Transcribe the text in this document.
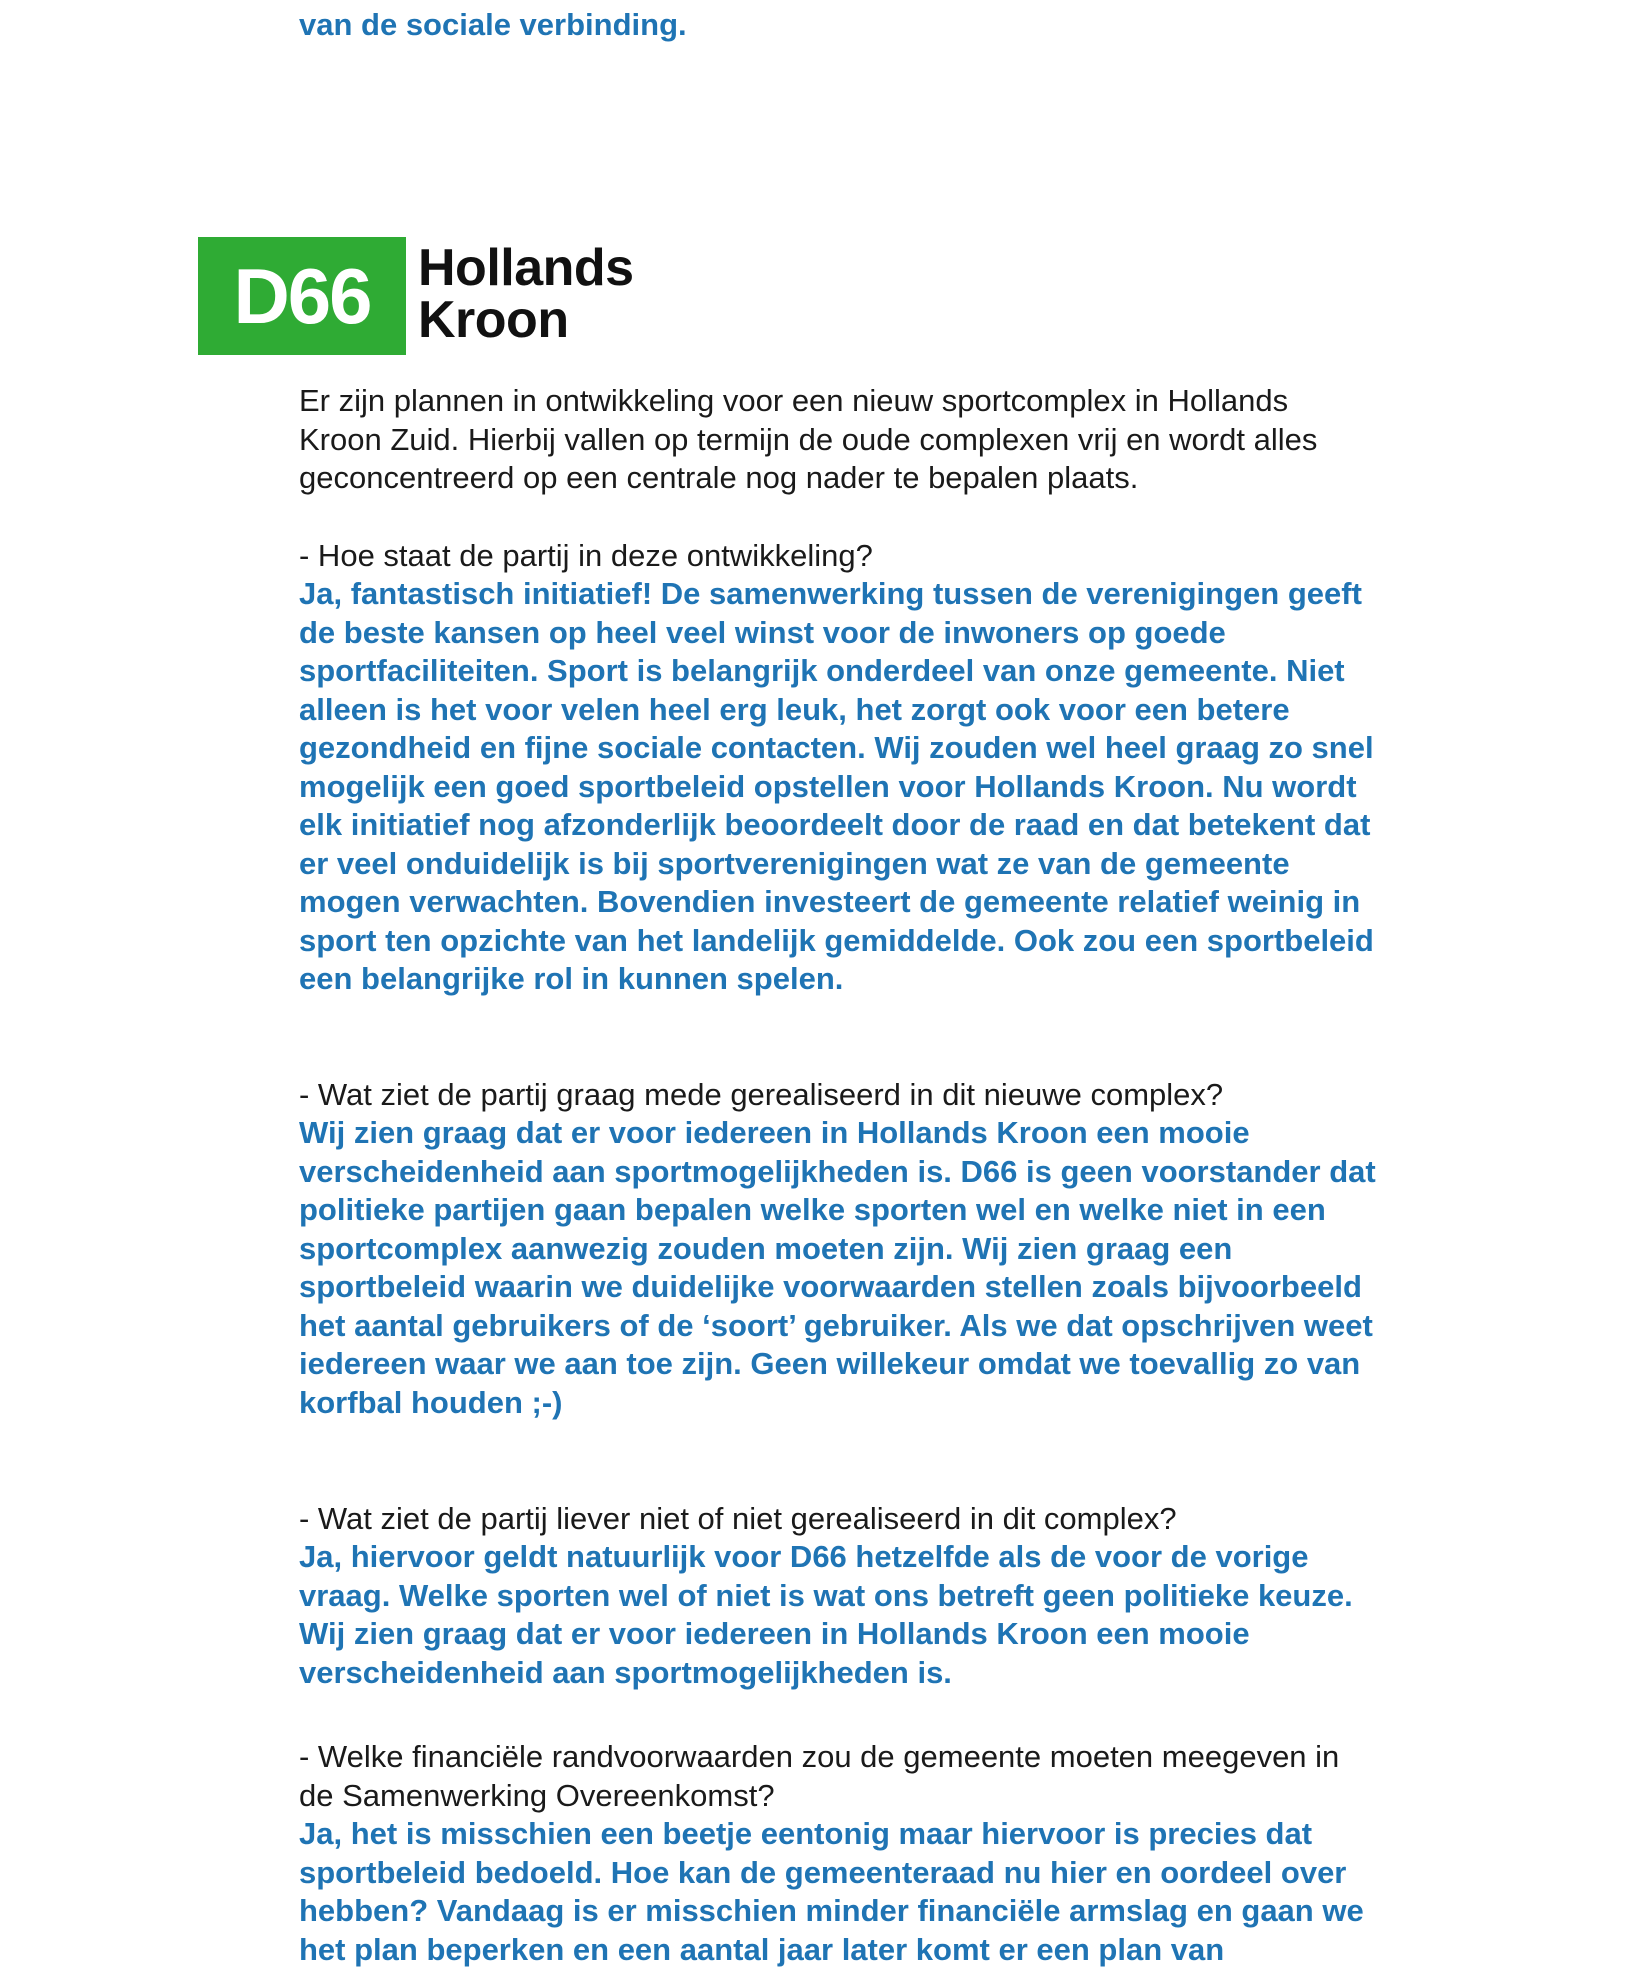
van de sociale verbinding.

D66 Hollands
Kroon

Er zijn plannen in ontwikkeling voor een nieuw sportcomplex in Hollands
Kroon Zuid. Hierbij vallen op termijn de oude complexen vrij en wordt alles
geconcentreerd op een centrale nog nader te bepalen plaats.

- Hoe staat de partij in deze ontwikkeling?

Ja, fantastisch initiatief! De samenwerking tussen de verenigingen geeft
de beste kansen op heel veel winst voor de inwoners op goede
sportfaciliteiten. Sport is belangrijk onderdeel van onze gemeente. Niet
alleen is het voor velen heel erg leuk, het zorgt ook voor een betere
gezondheid en fijne sociale contacten. Wij zouden wel heel graag zo snel
mogelijk een goed sportbeleid opstellen voor Hollands Kroon. Nu wordt
elk initiatief nog afzonderlijk beoordeelt door de raad en dat betekent dat
er veel onduidelijk is bij sportverenigingen wat ze van de gemeente
mogen verwachten. Bovendien investeert de gemeente relatief weinig in
sport ten opzichte van het landelijk gemiddelde. Ook zou een sportbeleid
een belangrijke rol in kunnen spelen.

- Wat ziet de partij graag mede gerealiseerd in dit nieuwe complex?

Wij zien graag dat er voor iedereen in Hollands Kroon een mooie
verscheidenheid aan sportmogelijkheden is. D66 is geen voorstander dat
politieke partijen gaan bepalen welke sporten wel en welke niet in een
sportcomplex aanwezig zouden moeten zijn. Wij zien graag een
sportbeleid waarin we duidelijke voorwaarden stellen zoals bijvoorbeeld
het aantal gebruikers of de ‘soort’ gebruiker. Als we dat opschrijven weet
iedereen waar we aan toe zijn. Geen willekeur omdat we toevallig zo van
korfbal houden ;-)

- Wat ziet de partij liever niet of niet gerealiseerd in dit complex?

Ja, hiervoor geldt natuurlijk voor D66 hetzelfde als de voor de vorige
vraag. Welke sporten wel of niet is wat ons betreft geen politieke keuze.
Wij zien graag dat er voor iedereen in Hollands Kroon een mooie
verscheidenheid aan sportmogelijkheden is.

- Welke financiële randvoorwaarden zou de gemeente moeten meegeven in
de Samenwerking Overeenkomst?

Ja, het is misschien een beetje eentonig maar hiervoor is precies dat
sportbeleid bedoeld. Hoe kan de gemeenteraad nu hier en oordeel over
hebben? Vandaag is er misschien minder financiële armslag en gaan we
het plan beperken en een aantal jaar later komt er een plan van
